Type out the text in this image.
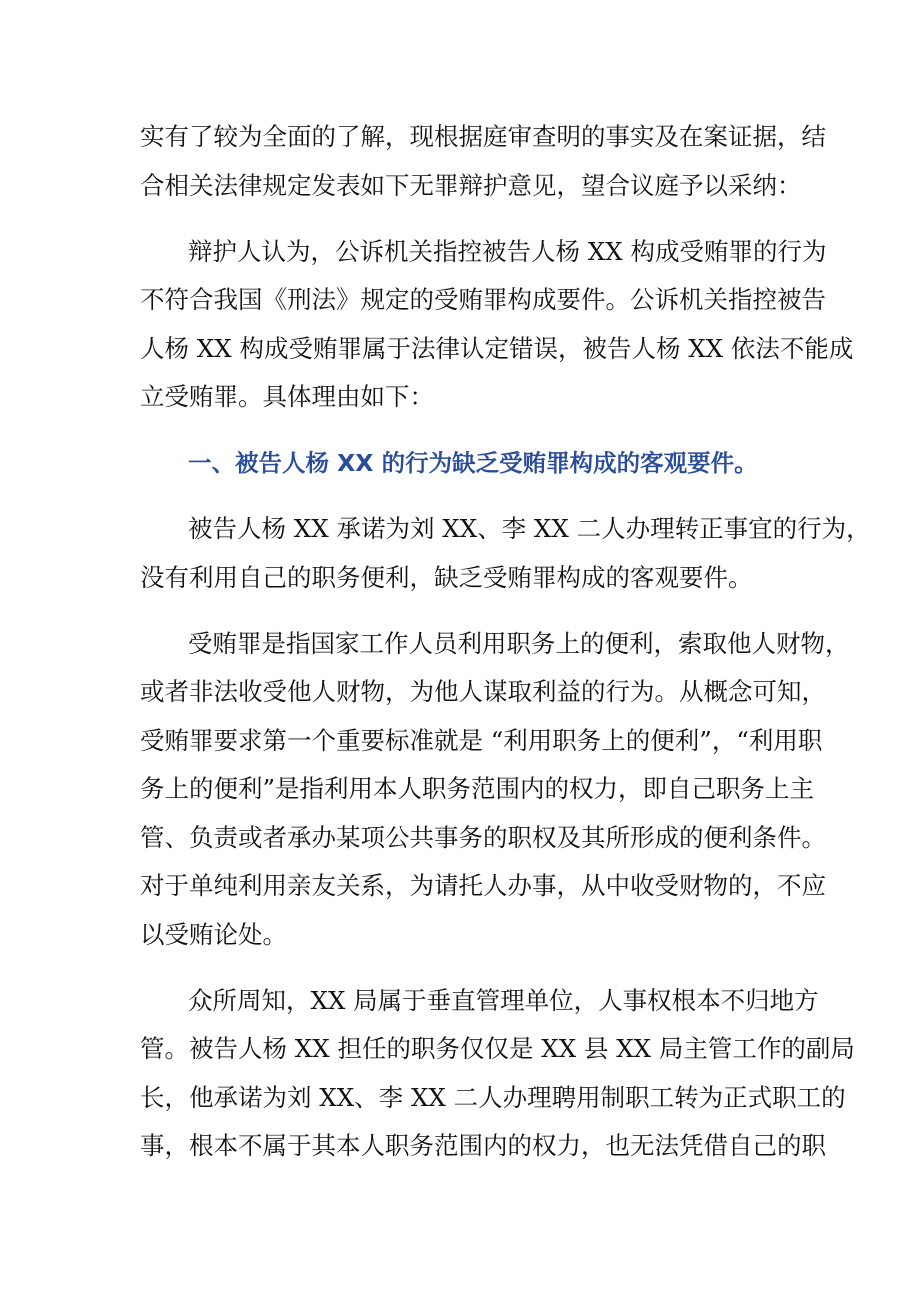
实有了较为全面的了解，现根据庭审查明的事实及在案证据，结
合相关法律规定发表如下无罪辩护意见，望合议庭予以采纳：
辩护人认为，公诉机关指控被告人杨 XX 构成受贿罪的行为
不符合我国《刑法》规定的受贿罪构成要件。公诉机关指控被告
人杨 XX 构成受贿罪属于法律认定错误，被告人杨 XX 依法不能成
立受贿罪。具体理由如下：
一、被告人杨 XX 的行为缺乏受贿罪构成的客观要件。
被告人杨 XX 承诺为刘 XX、李 XX 二人办理转正事宜的行为，
没有利用自己的职务便利，缺乏受贿罪构成的客观要件。
受贿罪是指国家工作人员利用职务上的便利，索取他人财物，
或者非法收受他人财物，为他人谋取利益的行为。从概念可知，
受贿罪要求第一个重要标准就是 “利用职务上的便利”，“利用职
务上的便利”是指利用本人职务范围内的权力，即自己职务上主
管、负责或者承办某项公共事务的职权及其所形成的便利条件。
对于单纯利用亲友关系，为请托人办事，从中收受财物的，不应
以受贿论处。
众所周知，XX 局属于垂直管理单位，人事权根本不归地方
管。被告人杨 XX 担任的职务仅仅是 XX 县 XX 局主管工作的副局
长，他承诺为刘 XX、李 XX 二人办理聘用制职工转为正式职工的
事，根本不属于其本人职务范围内的权力，也无法凭借自己的职
